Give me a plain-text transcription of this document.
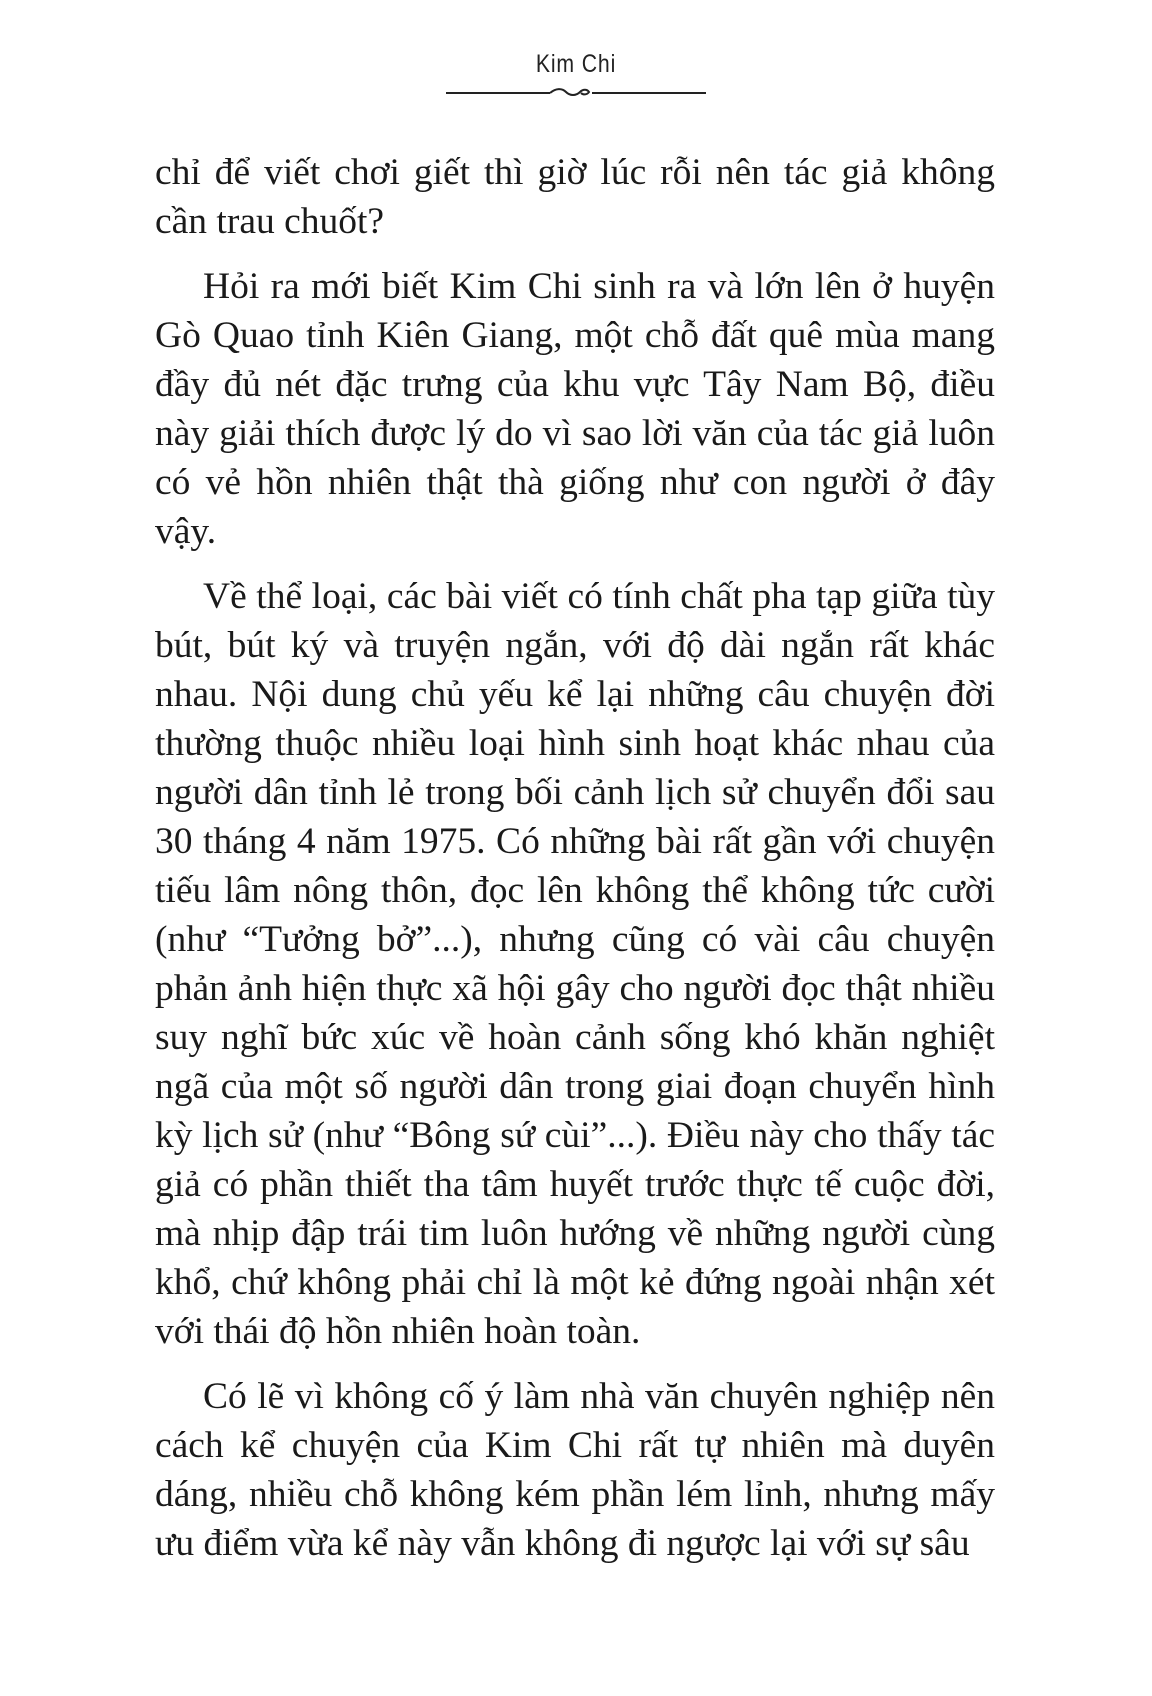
Kim Chi

chỉ để viết chơi giết thì giờ lúc rỗi nên tác giả không cần trau chuốt?

Hỏi ra mới biết Kim Chi sinh ra và lớn lên ở huyện Gò Quao tỉnh Kiên Giang, một chỗ đất quê mùa mang đầy đủ nét đặc trưng của khu vực Tây Nam Bộ, điều này giải thích được lý do vì sao lời văn của tác giả luôn có vẻ hồn nhiên thật thà giống như con người ở đây vậy.

Về thể loại, các bài viết có tính chất pha tạp giữa tùy bút, bút ký và truyện ngắn, với độ dài ngắn rất khác nhau. Nội dung chủ yếu kể lại những câu chuyện đời thường thuộc nhiều loại hình sinh hoạt khác nhau của người dân tỉnh lẻ trong bối cảnh lịch sử chuyển đổi sau 30 tháng 4 năm 1975. Có những bài rất gần với chuyện tiếu lâm nông thôn, đọc lên không thể không tức cười (như “Tưởng bở”...), nhưng cũng có vài câu chuyện phản ảnh hiện thực xã hội gây cho người đọc thật nhiều suy nghĩ bức xúc về hoàn cảnh sống khó khăn nghiệt ngã của một số người dân trong giai đoạn chuyển hình kỳ lịch sử (như “Bông sứ cùi”...). Điều này cho thấy tác giả có phần thiết tha tâm huyết trước thực tế cuộc đời, mà nhịp đập trái tim luôn hướng về những người cùng khổ, chứ không phải chỉ là một kẻ đứng ngoài nhận xét với thái độ hồn nhiên hoàn toàn.

Có lẽ vì không cố ý làm nhà văn chuyên nghiệp nên cách kể chuyện của Kim Chi rất tự nhiên mà duyên dáng, nhiều chỗ không kém phần lém lỉnh, nhưng mấy ưu điểm vừa kể này vẫn không đi ngược lại với sự sâu
